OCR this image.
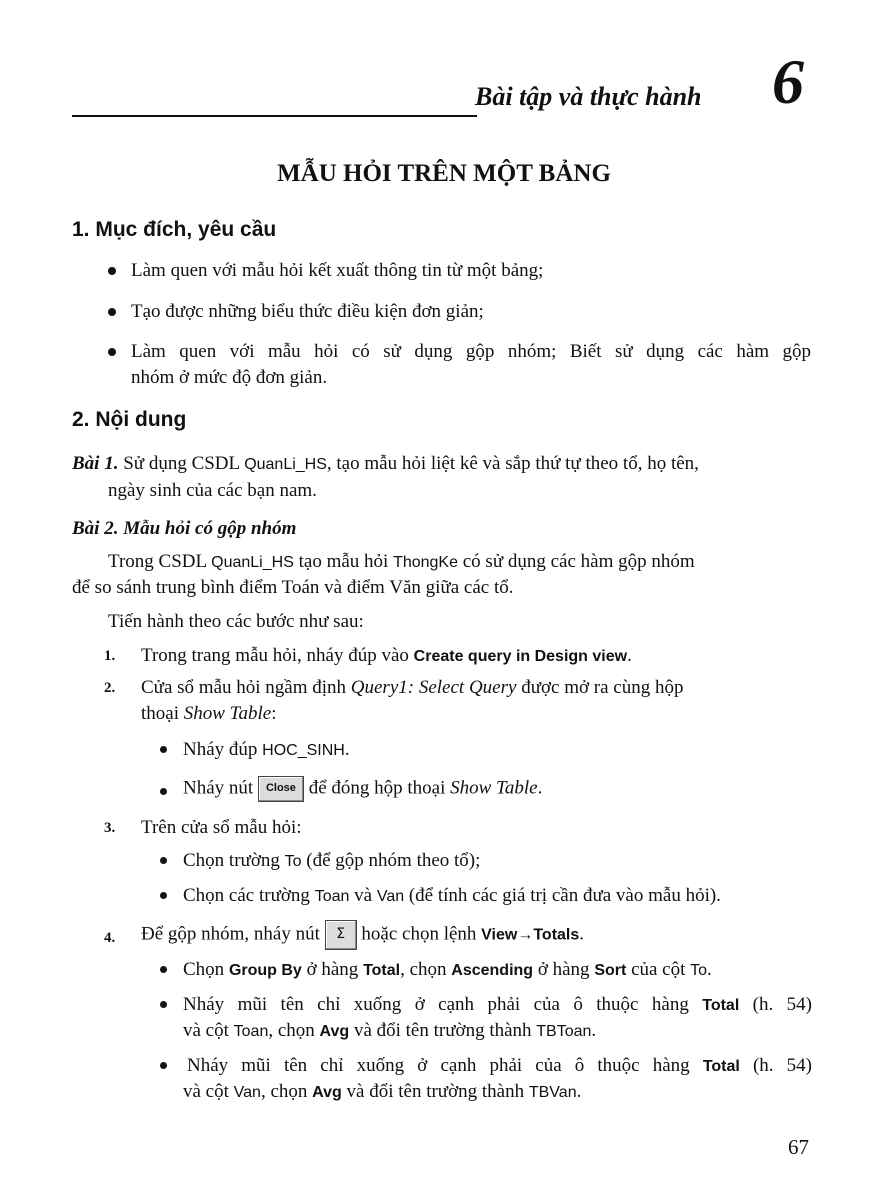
Bài tập và thực hành 6
MẪU HỎI TRÊN MỘT BẢNG
1. Mục đích, yêu cầu
Làm quen với mẫu hỏi kết xuất thông tin từ một bảng;
Tạo được những biểu thức điều kiện đơn giản;
Làm quen với mẫu hỏi có sử dụng gộp nhóm; Biết sử dụng các hàm gộp
nhóm ở mức độ đơn giản.
2. Nội dung
Bài 1. Sử dụng CSDL QuanLi_HS, tạo mẫu hỏi liệt kê và sắp thứ tự theo tổ, họ tên,
ngày sinh của các bạn nam.
Bài 2. Mẫu hỏi có gộp nhóm
Trong CSDL QuanLi_HS tạo mẫu hỏi ThongKe có sử dụng các hàm gộp nhóm
để so sánh trung bình điểm Toán và điểm Văn giữa các tổ.
Tiến hành theo các bước như sau:
1. Trong trang mẫu hỏi, nháy đúp vào Create query in Design view.
2. Cửa sổ mẫu hỏi ngầm định Query1: Select Query được mở ra cùng hộp
thoại Show Table:
Nháy đúp HOC_SINH.
Nháy nút Close để đóng hộp thoại Show Table.
3. Trên cửa sổ mẫu hỏi:
Chọn trường To (để gộp nhóm theo tổ);
Chọn các trường Toan và Van (để tính các giá trị cần đưa vào mẫu hỏi).
4. Để gộp nhóm, nháy nút Σ hoặc chọn lệnh View→Totals.
Chọn Group By ở hàng Total, chọn Ascending ở hàng Sort của cột To.
Nháy mũi tên chỉ xuống ở cạnh phải của ô thuộc hàng Total (h. 54)
và cột Toan, chọn Avg và đổi tên trường thành TBToan.
Nháy mũi tên chỉ xuống ở cạnh phải của ô thuộc hàng Total (h. 54)
và cột Van, chọn Avg và đổi tên trường thành TBVan.
67
